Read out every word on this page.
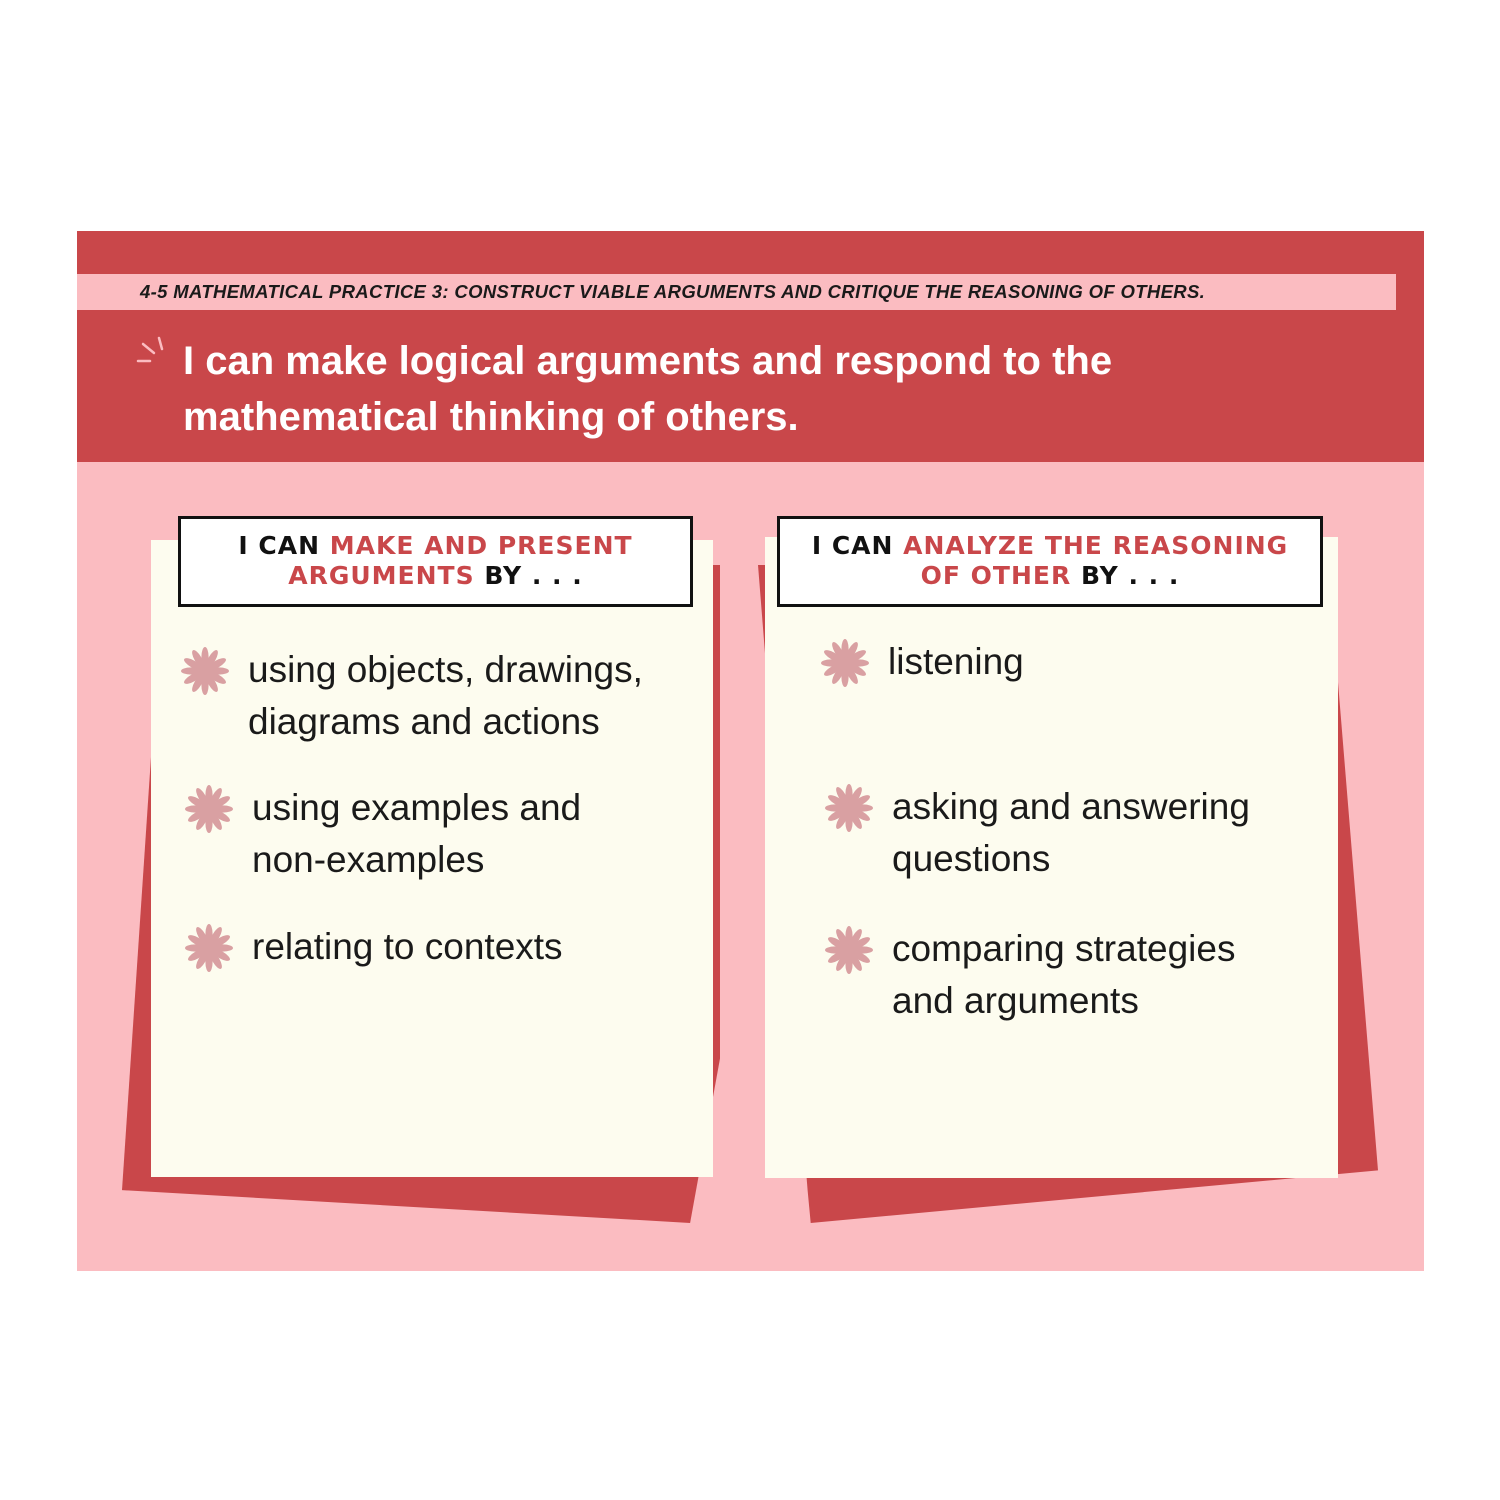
4-5 MATHEMATICAL PRACTICE 3: CONSTRUCT VIABLE ARGUMENTS AND CRITIQUE THE REASONING OF OTHERS.
I can make logical arguments and respond to the
mathematical thinking of others.
I CAN MAKE AND PRESENT
ARGUMENTS BY . . .
I CAN ANALYZE THE REASONING
OF OTHER BY . . .
using objects, drawings,
diagrams and actions
using examples and
non-examples
relating to contexts
listening
asking and answering
questions
comparing strategies
and arguments
